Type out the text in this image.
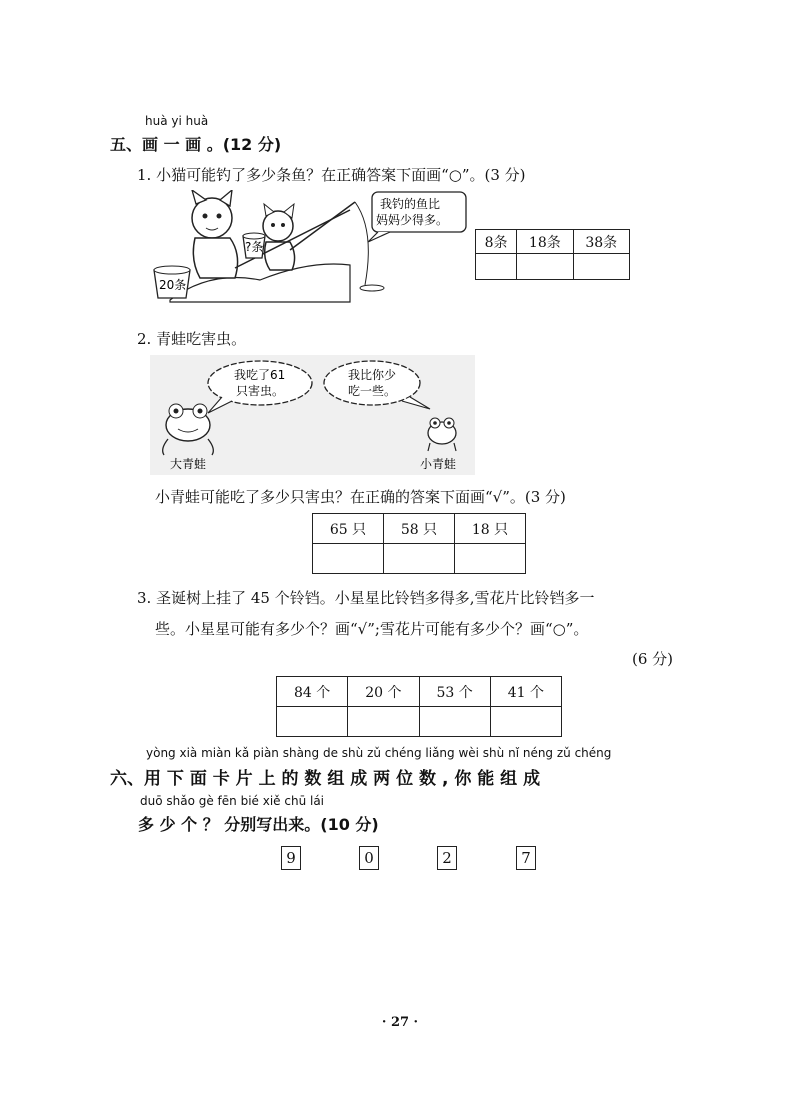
huà yi huà
五、画 一 画 。(12 分)
1. 小猫可能钓了多少条鱼？在正确答案下面画“○”。(3 分)
?条
20条
我钓的鱼比
妈妈少得多。
8条	18条	38条

2. 青蛙吃害虫。
我吃了61
只害虫。
我比你少
吃一些。
大青蛙	小青蛙
小青蛙可能吃了多少只害虫？在正确的答案下面画“√”。(3 分)
65 只	58 只	18 只

3. 圣诞树上挂了 45 个铃铛。小星星比铃铛多得多,雪花片比铃铛多一
些。小星星可能有多少个？画“√”;雪花片可能有多少个？画“○”。
(6 分)
84 个	20 个	53 个	41 个

yòng xià miàn kǎ piàn shàng de shù zǔ chéng liǎng wèi shù nǐ néng zǔ chéng
六、用 下 面 卡 片 上 的 数 组 成 两 位 数 , 你 能 组 成
duō shǎo gè fēn bié xiě chū lái
多 少 个 ？ 分别写出来。(10 分)
9	0	2	7
· 27 ·
